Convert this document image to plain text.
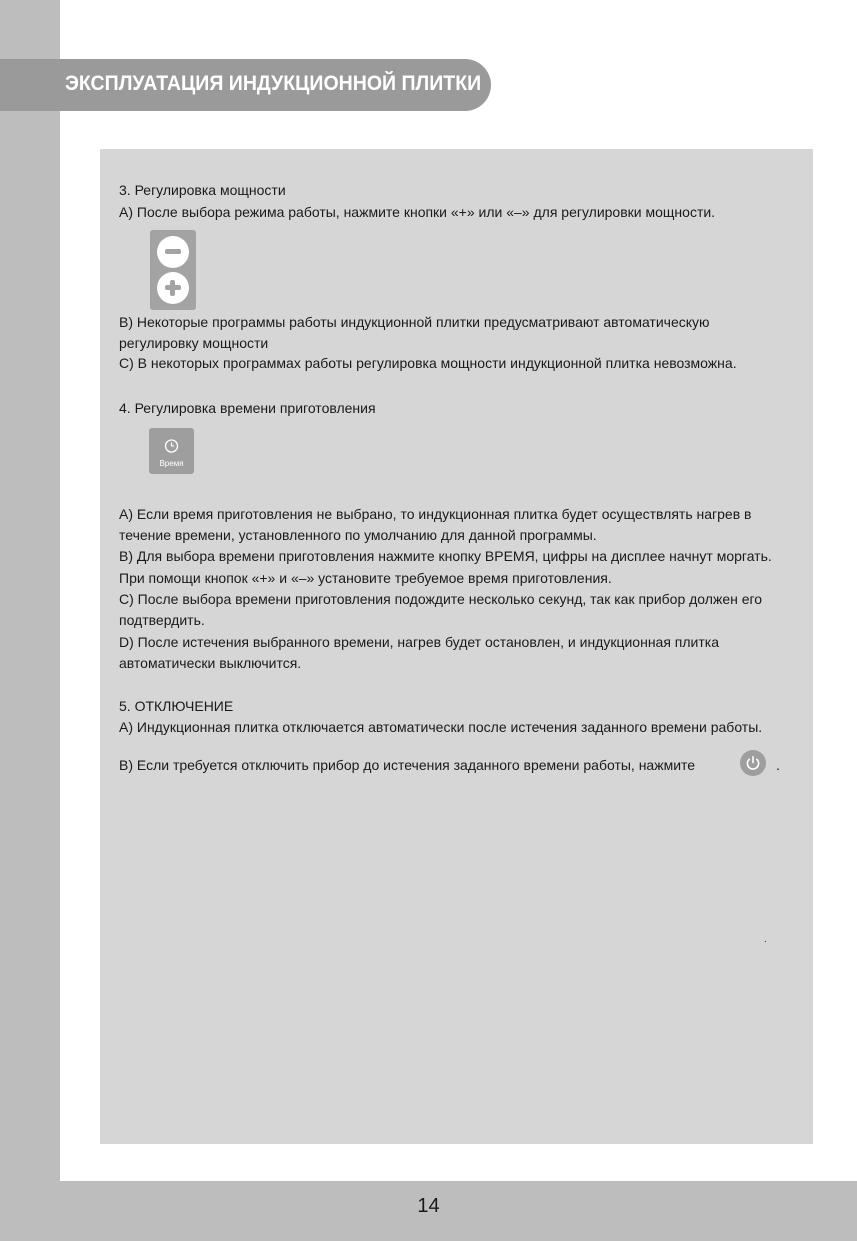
ЭКСПЛУАТАЦИЯ ИНДУКЦИОННОЙ ПЛИТКИ
3. Регулировка мощности
А) После выбора режима работы, нажмите кнопки «+» или «–» для регулировки мощности.
В) Некоторые программы работы индукционной плитки предусматривают автоматическую
регулировку мощности
С) В некоторых программах работы регулировка мощности индукционной плитка невозможна.
4. Регулировка времени приготовления
Время
А) Если время приготовления не выбрано, то индукционная плитка будет осуществлять нагрев в
течение времени, установленного по умолчанию для данной программы.
В) Для выбора времени приготовления нажмите кнопку ВРЕМЯ, цифры на дисплее начнут моргать.
При помощи кнопок «+» и «–» установите требуемое время приготовления.
С) После выбора времени приготовления подождите несколько секунд, так как прибор должен его
подтвердить.
D) После истечения выбранного времени, нагрев будет остановлен, и индукционная плитка
автоматически выключится.
5. ОТКЛЮЧЕНИЕ
А) Индукционная плитка отключается автоматически после истечения заданного времени работы.
В) Если требуется отключить прибор до истечения заданного времени работы, нажмите	.
.
14
